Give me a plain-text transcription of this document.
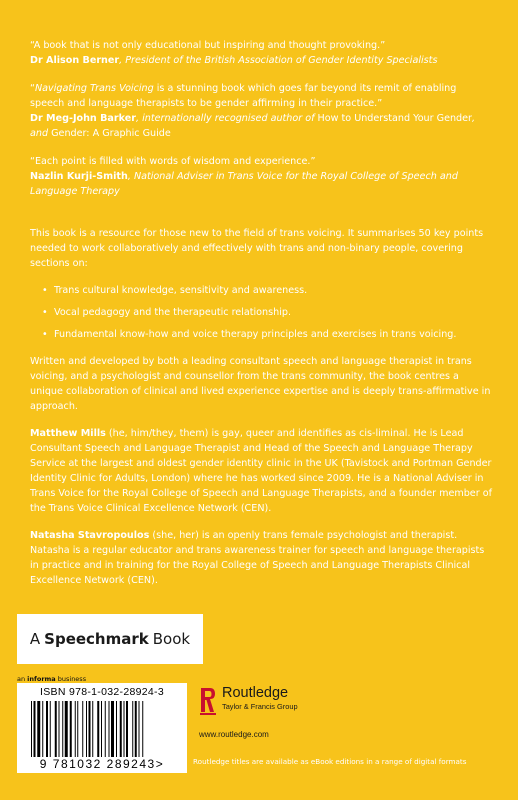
“A book that is not only educational but inspiring and thought provoking.”
Dr Alison Berner, President of the British Association of Gender Identity Specialists
“Navigating Trans Voicing is a stunning book which goes far beyond its remit of enabling speech and language therapists to be gender affirming in their practice.”
Dr Meg-John Barker, internationally recognised author of How to Understand Your Gender, and Gender: A Graphic Guide
“Each point is filled with words of wisdom and experience.”
Nazlin Kurji-Smith, National Adviser in Trans Voice for the Royal College of Speech and Language Therapy

This book is a resource for those new to the field of trans voicing. It summarises 50 key points needed to work collaboratively and effectively with trans and non-binary people, covering sections on:

• Trans cultural knowledge, sensitivity and awareness.
• Vocal pedagogy and the therapeutic relationship.
• Fundamental know-how and voice therapy principles and exercises in trans voicing.

Written and developed by both a leading consultant speech and language therapist in trans voicing, and a psychologist and counsellor from the trans community, the book centres a unique collaboration of clinical and lived experience expertise and is deeply trans-affirmative in approach.

Matthew Mills (he, him/they, them) is gay, queer and identifies as cis-liminal. He is Lead Consultant Speech and Language Therapist and Head of the Speech and Language Therapy Service at the largest and oldest gender identity clinic in the UK (Tavistock and Portman Gender Identity Clinic for Adults, London) where he has worked since 2009. He is a National Adviser in Trans Voice for the Royal College of Speech and Language Therapists, and a founder member of the Trans Voice Clinical Excellence Network (CEN).

Natasha Stavropoulos (she, her) is an openly trans female psychologist and therapist. Natasha is a regular educator and trans awareness trainer for speech and language therapists in practice and in training for the Royal College of Speech and Language Therapists Clinical Excellence Network (CEN).

A Speechmark Book
an informa business
ISBN 978-1-032-28924-3
9 781032 289243>
Routledge
Taylor & Francis Group
www.routledge.com
Routledge titles are available as eBook editions in a range of digital formats
